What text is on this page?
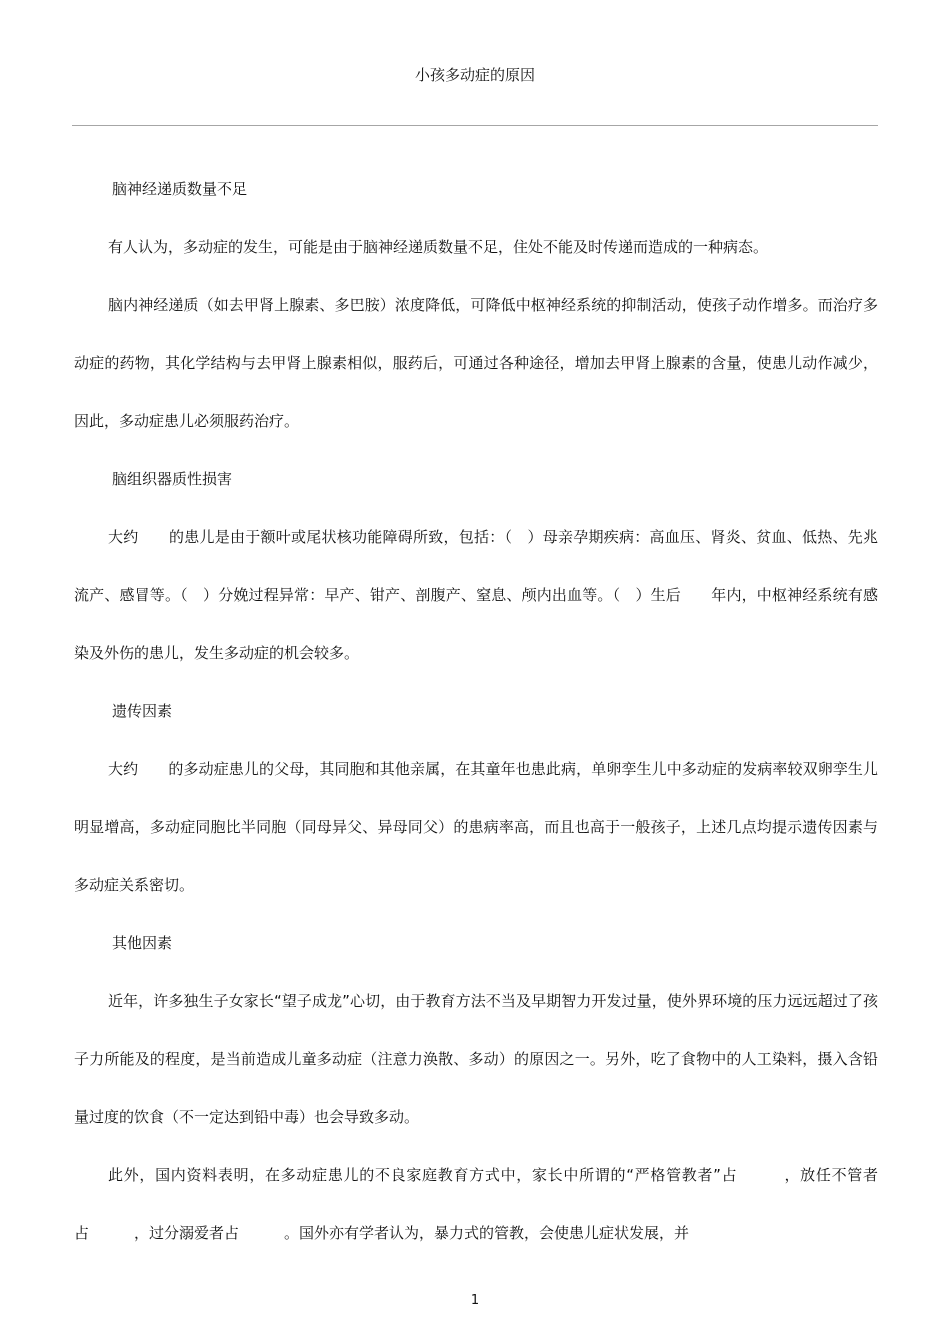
小孩多动症的原因
脑神经递质数量不足
有人认为，多动症的发生，可能是由于脑神经递质数量不足，住处不能及时传递而造成的一种病态。
脑内神经递质（如去甲肾上腺素、多巴胺）浓度降低，可降低中枢神经系统的抑制活动，使孩子动作增多。而治疗多动症的药物，其化学结构与去甲肾上腺素相似，服药后，可通过各种途径，增加去甲肾上腺素的含量，使患儿动作减少，因此，多动症患儿必须服药治疗。
脑组织器质性损害
大约　　的患儿是由于额叶或尾状核功能障碍所致，包括：（　）母亲孕期疾病：高血压、肾炎、贫血、低热、先兆流产、感冒等。（　）分娩过程异常：早产、钳产、剖腹产、窒息、颅内出血等。（　）生后　　年内，中枢神经系统有感染及外伤的患儿，发生多动症的机会较多。
遗传因素
大约　　的多动症患儿的父母，其同胞和其他亲属，在其童年也患此病，单卵孪生儿中多动症的发病率较双卵孪生儿明显增高，多动症同胞比半同胞（同母异父、异母同父）的患病率高，而且也高于一般孩子，上述几点均提示遗传因素与多动症关系密切。
其他因素
近年，许多独生子女家长“望子成龙”心切，由于教育方法不当及早期智力开发过量，使外界环境的压力远远超过了孩子力所能及的程度，是当前造成儿童多动症（注意力涣散、多动）的原因之一。另外，吃了食物中的人工染料，摄入含铅量过度的饮食（不一定达到铅中毒）也会导致多动。
此外，国内资料表明，在多动症患儿的不良家庭教育方式中，家长中所谓的“严格管教者”占　　　，放任不管者占　　　，过分溺爱者占　　　。国外亦有学者认为，暴力式的管教，会使患儿症状发展，并
1
